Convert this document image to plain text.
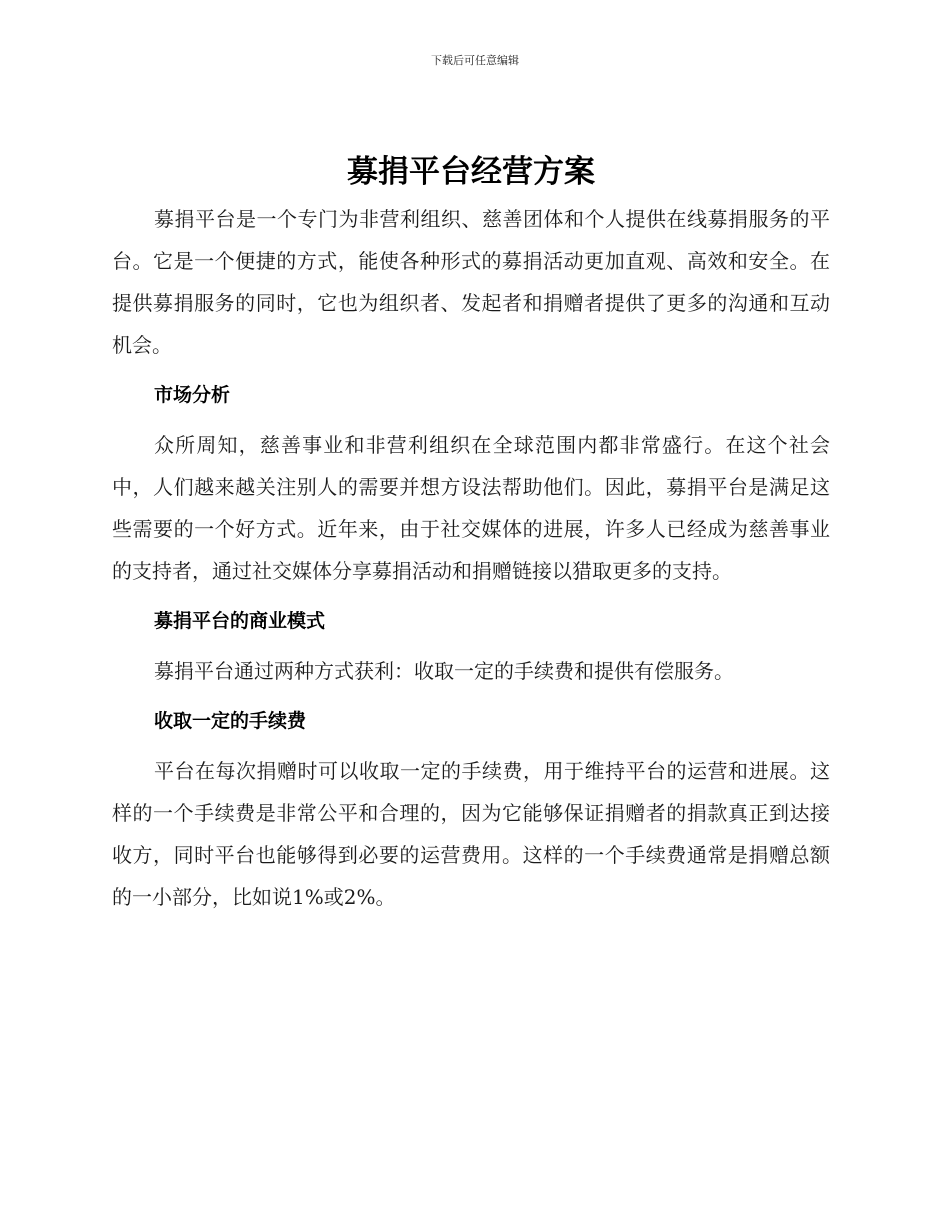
下载后可任意编辑
募捐平台经营方案

募捐平台是一个专门为非营利组织、慈善团体和个人提供在线募捐服务的平台。它是一个便捷的方式，能使各种形式的募捐活动更加直观、高效和安全。在提供募捐服务的同时，它也为组织者、发起者和捐赠者提供了更多的沟通和互动机会。

市场分析

众所周知，慈善事业和非营利组织在全球范围内都非常盛行。在这个社会中，人们越来越关注别人的需要并想方设法帮助他们。因此，募捐平台是满足这些需要的一个好方式。近年来，由于社交媒体的进展，许多人已经成为慈善事业的支持者，通过社交媒体分享募捐活动和捐赠链接以猎取更多的支持。

募捐平台的商业模式

募捐平台通过两种方式获利：收取一定的手续费和提供有偿服务。

收取一定的手续费

平台在每次捐赠时可以收取一定的手续费，用于维持平台的运营和进展。这样的一个手续费是非常公平和合理的，因为它能够保证捐赠者的捐款真正到达接收方，同时平台也能够得到必要的运营费用。这样的一个手续费通常是捐赠总额的一小部分，比如说1%或2%。
